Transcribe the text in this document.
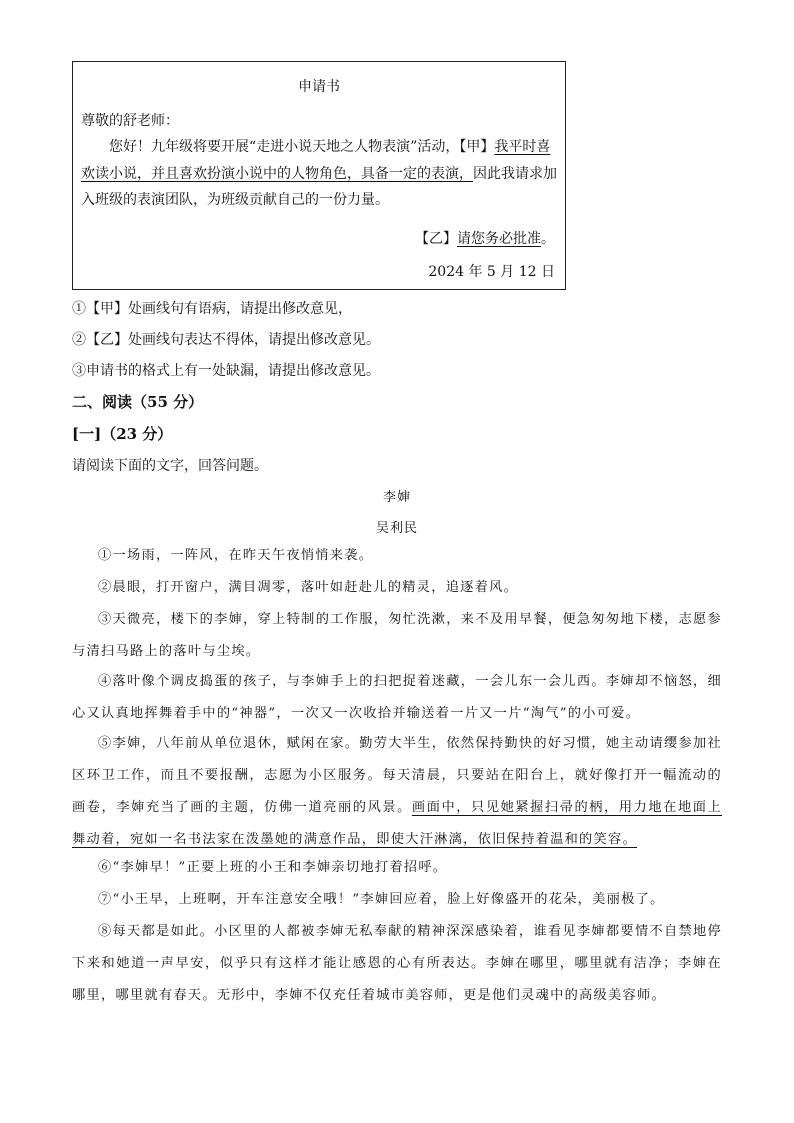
申请书
尊敬的舒老师：
您好！九年级将要开展“走进小说天地之人物表演”活动，【甲】我平时喜欢读小说，并且喜欢扮演小说中的人物角色，具备一定的表演，因此我请求加入班级的表演团队，为班级贡献自己的一份力量。
【乙】请您务必批准。
2024 年 5 月 12 日
①【甲】处画线句有语病，请提出修改意见，
②【乙】处画线句表达不得体，请提出修改意见。
③申请书的格式上有一处缺漏，请提出修改意见。
二、阅读（55 分）
[一]（23 分）
请阅读下面的文字，回答问题。
李婶
吴利民
①一场雨，一阵风，在昨天午夜悄悄来袭。
②晨眼，打开窗户，满目凋零，落叶如赶赴儿的精灵，追逐着风。
③天微亮，楼下的李婶，穿上特制的工作服，匆忙洗漱，来不及用早餐，便急匆匆地下楼，志愿参与清扫马路上的落叶与尘埃。
④落叶像个调皮捣蛋的孩子，与李婶手上的扫把捉着迷藏，一会儿东一会儿西。李婶却不恼怒，细心又认真地挥舞着手中的“神器”，一次又一次收拾并输送着一片又一片“淘气”的小可爱。
⑤李婶，八年前从单位退休，赋闲在家。勤劳大半生，依然保持勤快的好习惯，她主动请缨参加社区环卫工作，而且不要报酬，志愿为小区服务。每天清晨，只要站在阳台上，就好像打开一幅流动的画卷，李婶充当了画的主题，仿佛一道亮丽的风景。画面中，只见她紧握扫帚的柄，用力地在地面上舞动着，宛如一名书法家在泼墨她的满意作品，即使大汗淋漓，依旧保持着温和的笑容。
⑥“李婶早！”正要上班的小王和李婶亲切地打着招呼。
⑦“小王早，上班啊，开车注意安全哦！”李婶回应着，脸上好像盛开的花朵，美丽极了。
⑧每天都是如此。小区里的人都被李婶无私奉献的精神深深感染着，谁看见李婶都要情不自禁地停下来和她道一声早安，似乎只有这样才能让感恩的心有所表达。李婶在哪里，哪里就有洁净；李婶在哪里，哪里就有春天。无形中，李婶不仅充任着城市美容师，更是他们灵魂中的高级美容师。
